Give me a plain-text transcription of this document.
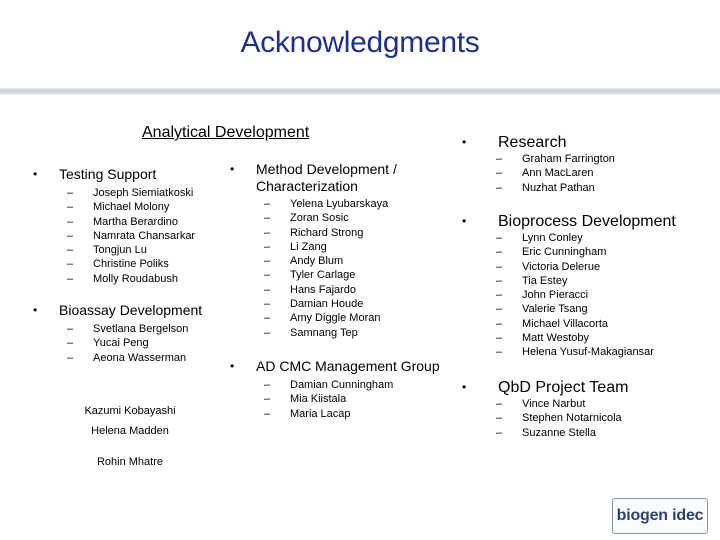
Acknowledgments
Analytical Development
• Testing Support
– Joseph Siemiatkoski
– Michael Molony
– Martha Berardino
– Namrata Chansarkar
– Tongjun Lu
– Christine Poliks
– Molly Roudabush
• Bioassay Development
– Svetlana Bergelson
– Yucai Peng
– Aeona Wasserman
Kazumi Kobayashi
Helena Madden
Rohin Mhatre
• Method Development /
Characterization
– Yelena Lyubarskaya
– Zoran Sosic
– Richard Strong
– Li Zang
– Andy Blum
– Tyler Carlage
– Hans Fajardo
– Damian Houde
– Amy Diggle Moran
– Samnang Tep
• AD CMC Management Group
– Damian Cunningham
– Mia Kiistala
– Maria Lacap
• Research
– Graham Farrington
– Ann MacLaren
– Nuzhat Pathan
• Bioprocess Development
– Lynn Conley
– Eric Cunningham
– Victoria Delerue
– Tia Estey
– John Pieracci
– Valerie Tsang
– Michael Villacorta
– Matt Westoby
– Helena Yusuf-Makagiansar
• QbD Project Team
– Vince Narbut
– Stephen Notarnicola
– Suzanne Stella
biogen idec
